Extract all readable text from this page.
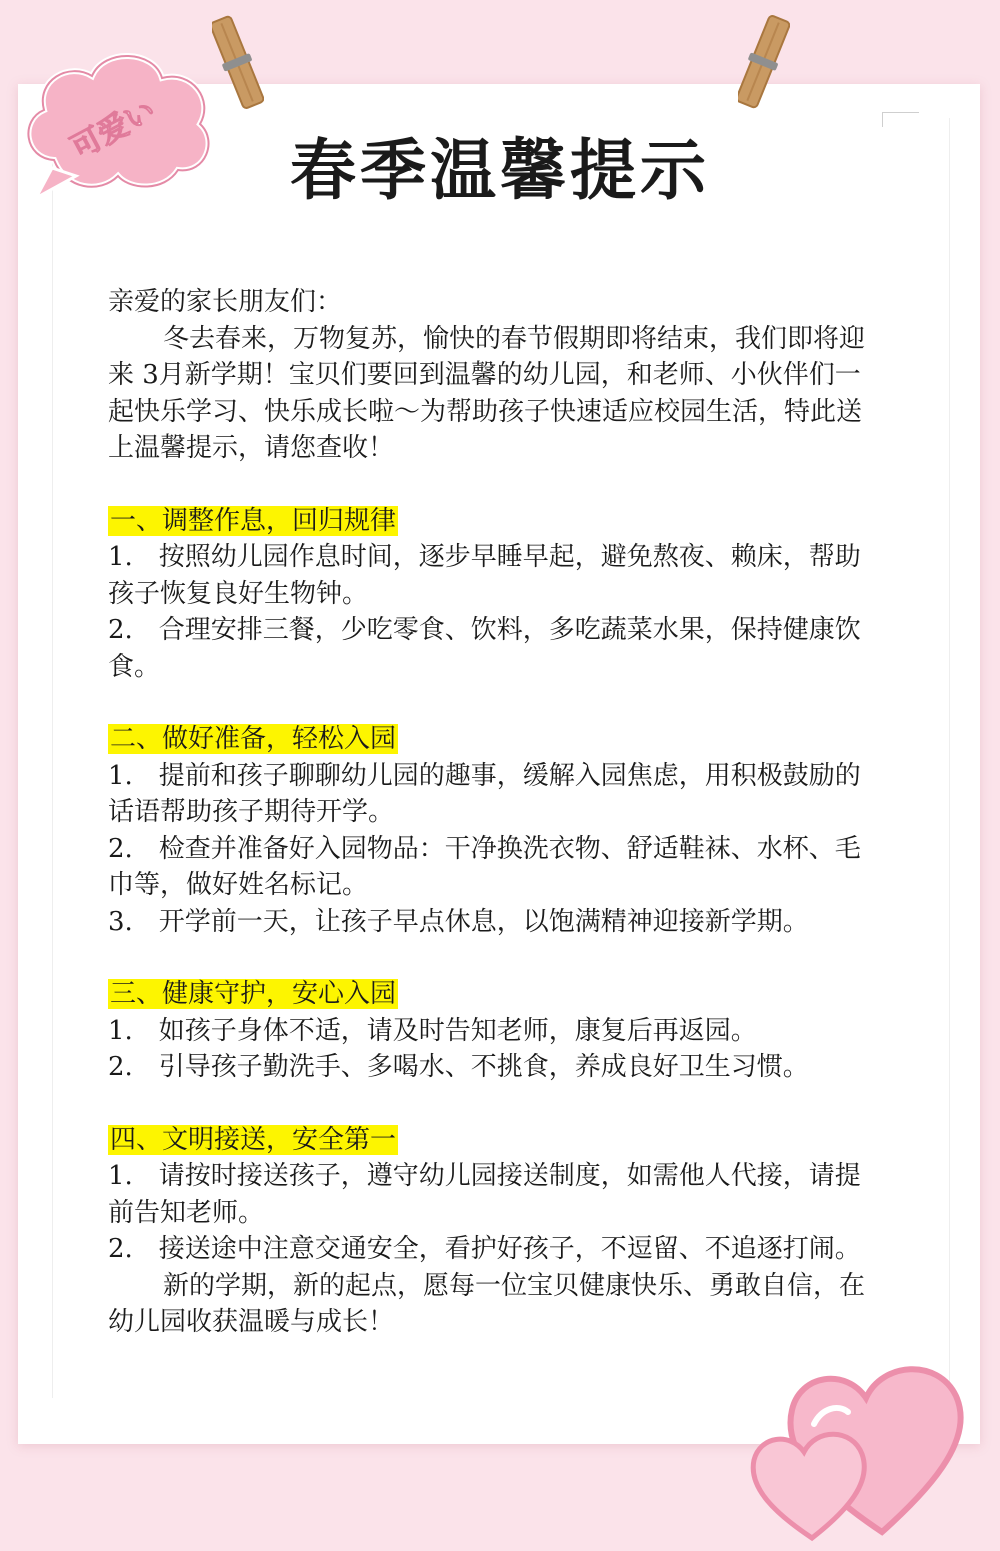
可爱い
春季温馨提示

亲爱的家长朋友们：

冬去春来，万物复苏，愉快的春节假期即将结束，我们即将迎来 3月新学期！宝贝们要回到温馨的幼儿园，和老师、小伙伴们一起快乐学习、快乐成长啦～为帮助孩子快速适应校园生活，特此送上温馨提示，请您查收！

一、调整作息，回归规律

1.　按照幼儿园作息时间，逐步早睡早起，避免熬夜、赖床，帮助孩子恢复良好生物钟。

2.　合理安排三餐，少吃零食、饮料，多吃蔬菜水果，保持健康饮食。

二、做好准备，轻松入园

1.　提前和孩子聊聊幼儿园的趣事，缓解入园焦虑，用积极鼓励的话语帮助孩子期待开学。

2.　检查并准备好入园物品：干净换洗衣物、舒适鞋袜、水杯、毛巾等，做好姓名标记。

3.　开学前一天，让孩子早点休息，以饱满精神迎接新学期。

三、健康守护，安心入园

1.　如孩子身体不适，请及时告知老师，康复后再返园。

2.　引导孩子勤洗手、多喝水、不挑食，养成良好卫生习惯。

四、文明接送，安全第一

1.　请按时接送孩子，遵守幼儿园接送制度，如需他人代接，请提前告知老师。

2.　接送途中注意交通安全，看护好孩子，不逗留、不追逐打闹。

新的学期，新的起点，愿每一位宝贝健康快乐、勇敢自信，在幼儿园收获温暖与成长！
